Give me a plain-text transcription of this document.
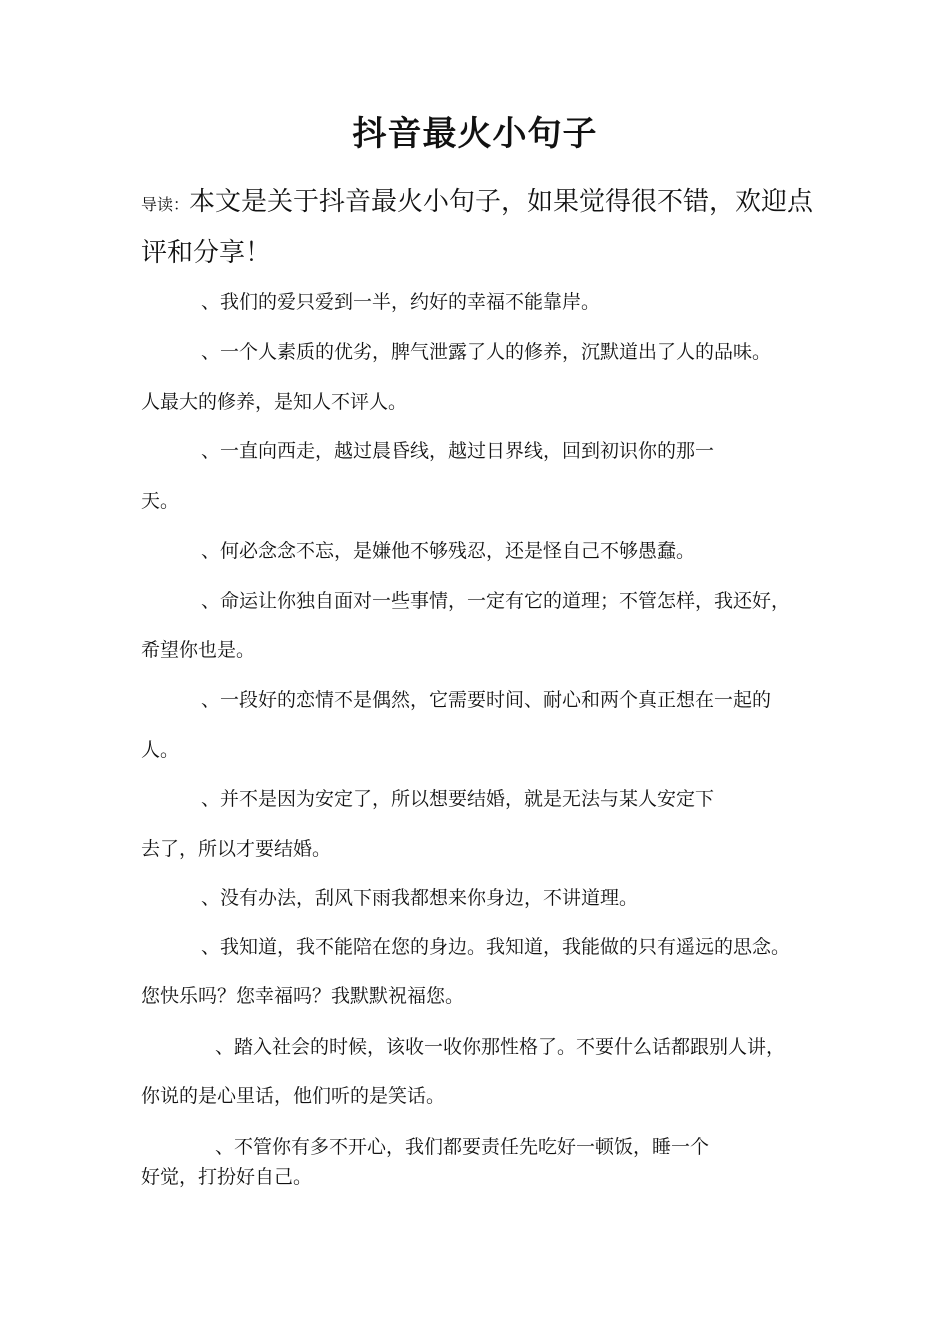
抖音最火小句子

导读：本文是关于抖音最火小句子，如果觉得很不错，欢迎点评和分享！

、我们的爱只爱到一半，约好的幸福不能靠岸。

、一个人素质的优劣，脾气泄露了人的修养，沉默道出了人的品味。

人最大的修养，是知人不评人。

、一直向西走，越过晨昏线，越过日界线，回到初识你的那一

天。

、何必念念不忘，是嫌他不够残忍，还是怪自己不够愚蠢。

、命运让你独自面对一些事情，一定有它的道理；不管怎样，我还好，

希望你也是。

、一段好的恋情不是偶然，它需要时间、耐心和两个真正想在一起的

人。

、并不是因为安定了，所以想要结婚，就是无法与某人安定下

去了，所以才要结婚。

、没有办法，刮风下雨我都想来你身边，不讲道理。

、我知道，我不能陪在您的身边。我知道，我能做的只有遥远的思念。

您快乐吗？您幸福吗？我默默祝福您。

、踏入社会的时候，该收一收你那性格了。不要什么话都跟别人讲，

你说的是心里话，他们听的是笑话。

、不管你有多不开心，我们都要责任先吃好一顿饭，睡一个

好觉，打扮好自己。
